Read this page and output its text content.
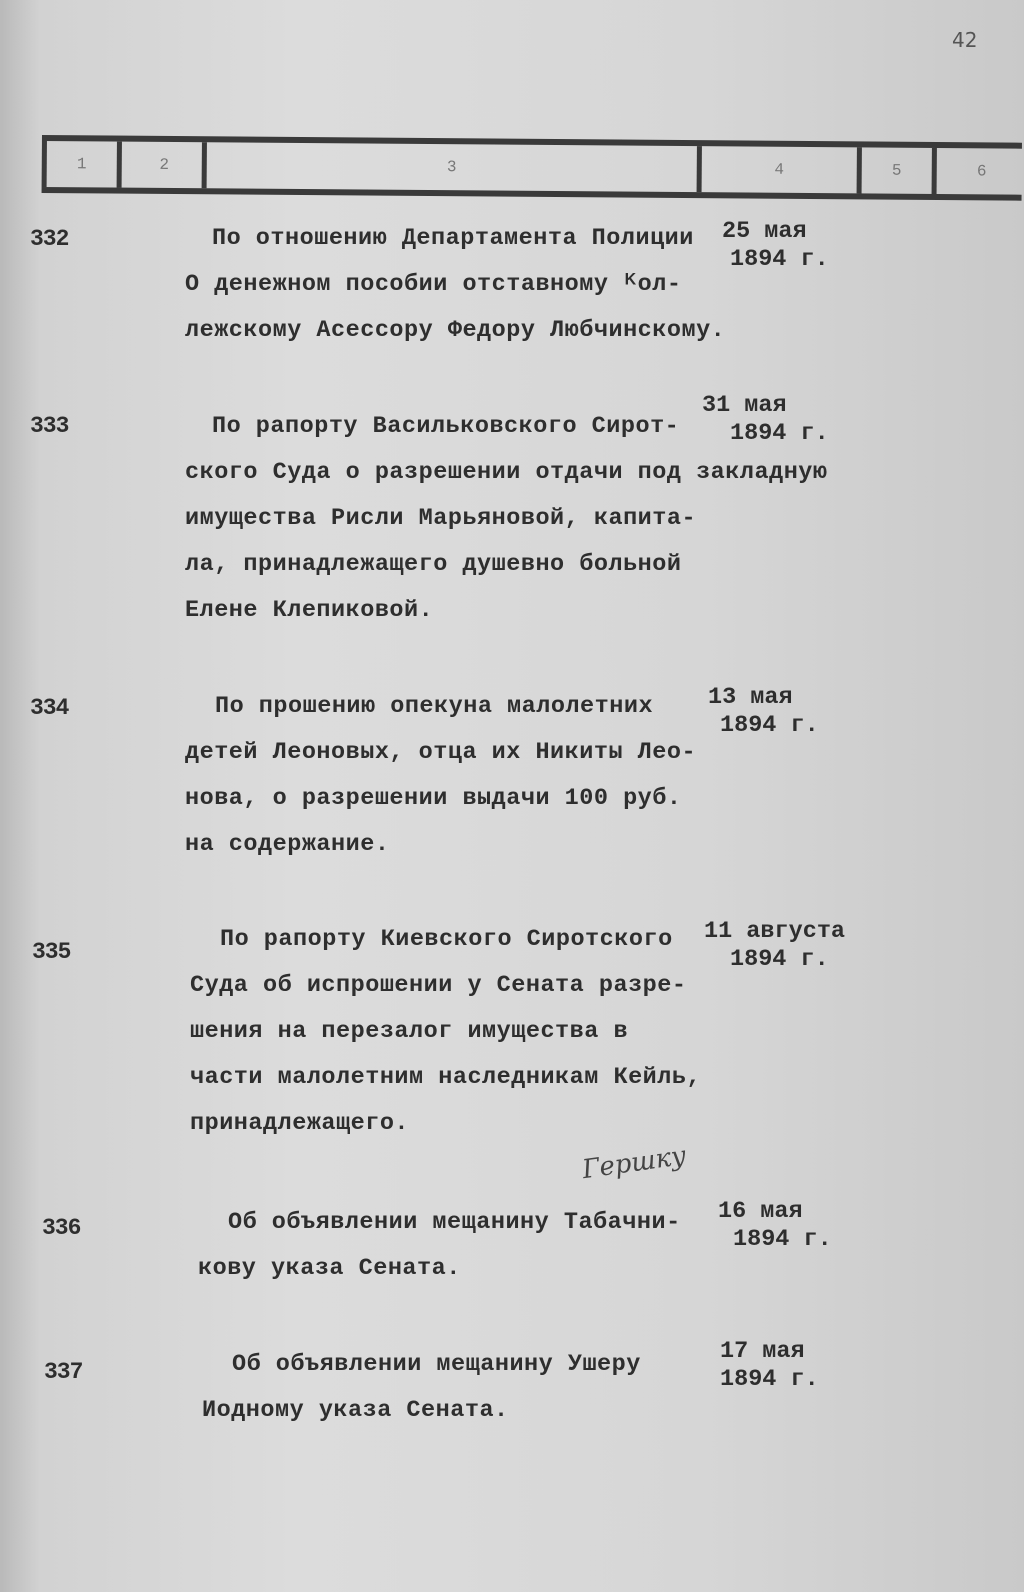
42
1	2	3	4	5	6
332	По отношению Департамента Полиции
О денежном пособии отставному ᴷол-
лежскому Асессору Федору Любчинскому.
25 мая
1894 г.
333	По рапорту Васильковского Сирот-
ского Суда о разрешении отдачи под закладную
имущества Рисли Марьяновой, капита-
ла, принадлежащего душевно больной
Елене Клепиковой.
31 мая
1894 г.
334	По прошению опекуна малолетних
детей Леоновых, отца их Никиты Лео-
нова, о разрешении выдачи 100 руб.
на содержание.
13 мая
1894 г.
335	По рапорту Киевского Сиротского
Суда об испрошении у Сената разре-
шения на перезалог имущества в
части малолетним наследникам Кейль,
принадлежащего.
11 августа
1894 г.
Гершку
336	Об объявлении мещанину Табачни-
кову указа Сената.
16 мая
1894 г.
337	Об объявлении мещанину Ушеру
Иодному указа Сената.
17 мая
1894 г.
